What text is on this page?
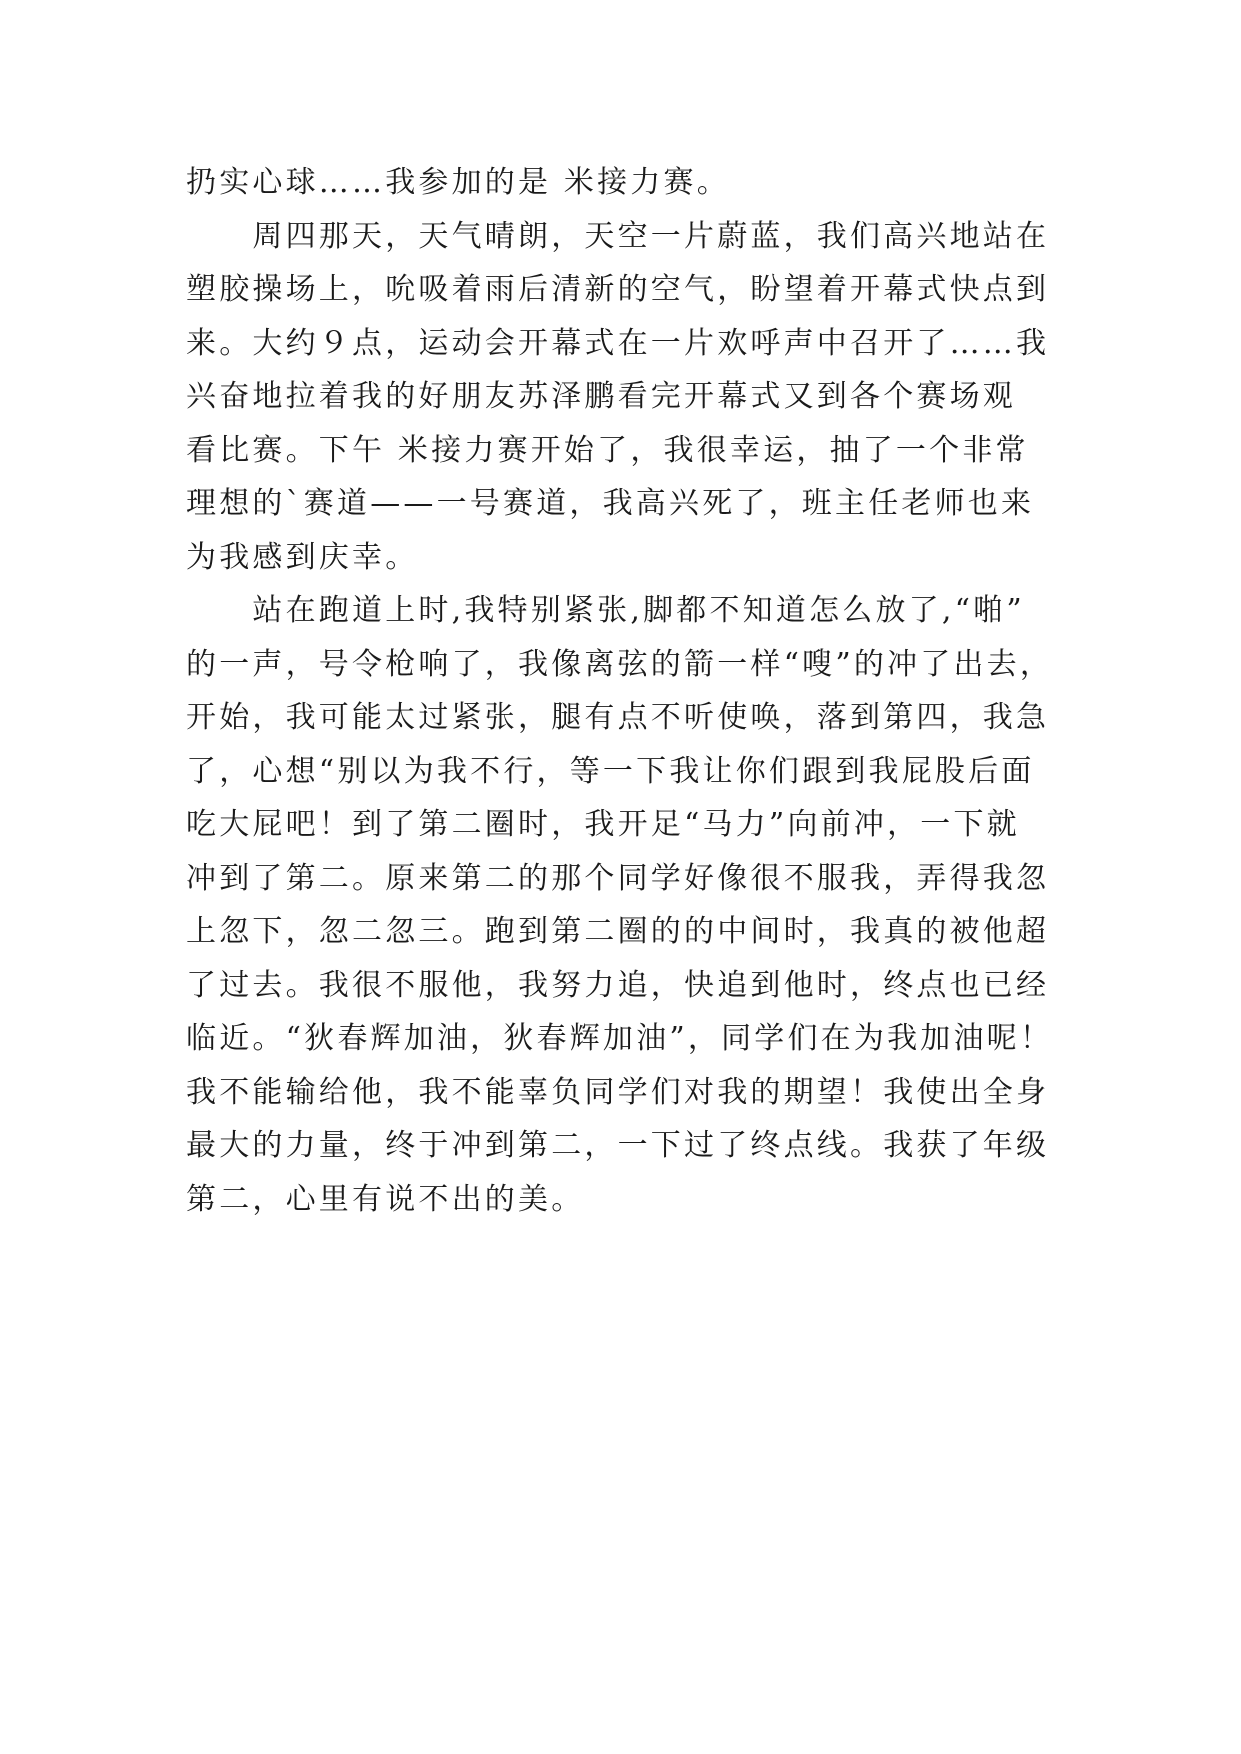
扔实心球……我参加的是 米接力赛。
　　周四那天，天气晴朗，天空一片蔚蓝，我们高兴地站在
塑胶操场上，吮吸着雨后清新的空气，盼望着开幕式快点到
来。大约９点，运动会开幕式在一片欢呼声中召开了……我
兴奋地拉着我的好朋友苏泽鹏看完开幕式又到各个赛场观
看比赛。下午 米接力赛开始了，我很幸运，抽了一个非常
理想的`赛道——一号赛道，我高兴死了，班主任老师也来
为我感到庆幸。
　　站在跑道上时,我特别紧张,脚都不知道怎么放了,“啪”
的一声，号令枪响了，我像离弦的箭一样“嗖”的冲了出去，
开始，我可能太过紧张，腿有点不听使唤，落到第四，我急
了，心想“别以为我不行，等一下我让你们跟到我屁股后面
吃大屁吧！到了第二圈时，我开足“马力”向前冲，一下就
冲到了第二。原来第二的那个同学好像很不服我，弄得我忽
上忽下，忽二忽三。跑到第二圈的的中间时，我真的被他超
了过去。我很不服他，我努力追，快追到他时，终点也已经
临近。“狄春辉加油，狄春辉加油”，同学们在为我加油呢！
我不能输给他，我不能辜负同学们对我的期望！我使出全身
最大的力量，终于冲到第二，一下过了终点线。我获了年级
第二，心里有说不出的美。
